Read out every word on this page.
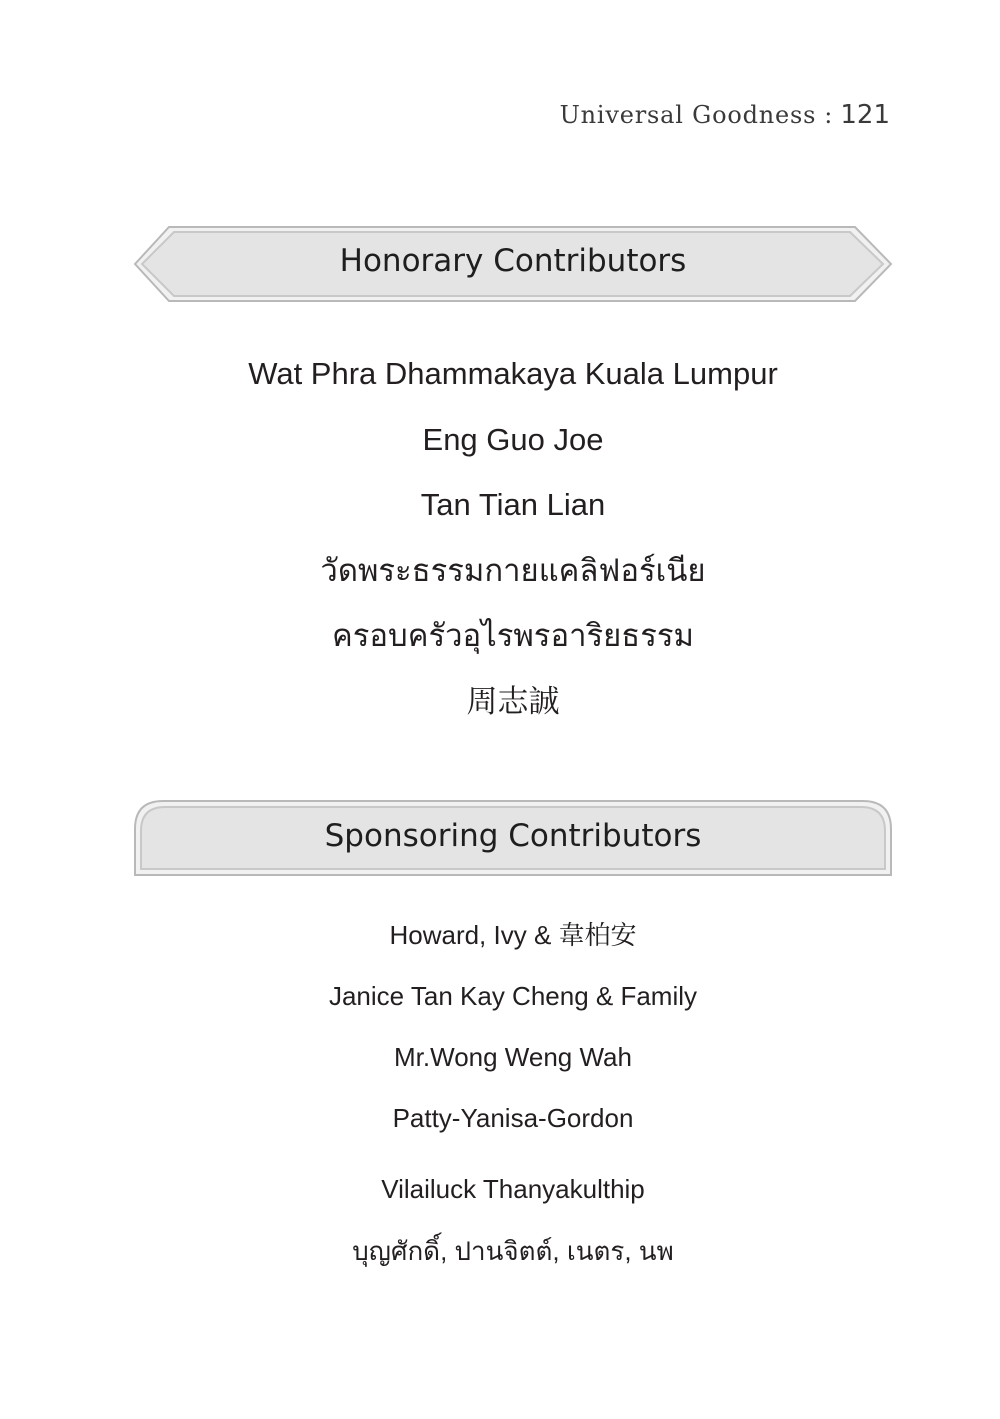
Universal Goodness : 121
Honorary Contributors
Wat Phra Dhammakaya Kuala Lumpur
Eng Guo Joe
Tan Tian Lian
วัดพระธรรมกายแคลิฟอร์เนีย
ครอบครัวอุไรพรอาริยธรรม
周志誠
Sponsoring Contributors
Howard, Ivy & 韋柏安
Janice Tan Kay Cheng & Family
Mr.Wong Weng Wah
Patty-Yanisa-Gordon
Vilailuck Thanyakulthip
บุญศักดิ์, ปานจิตต์, เนตร, นพ
